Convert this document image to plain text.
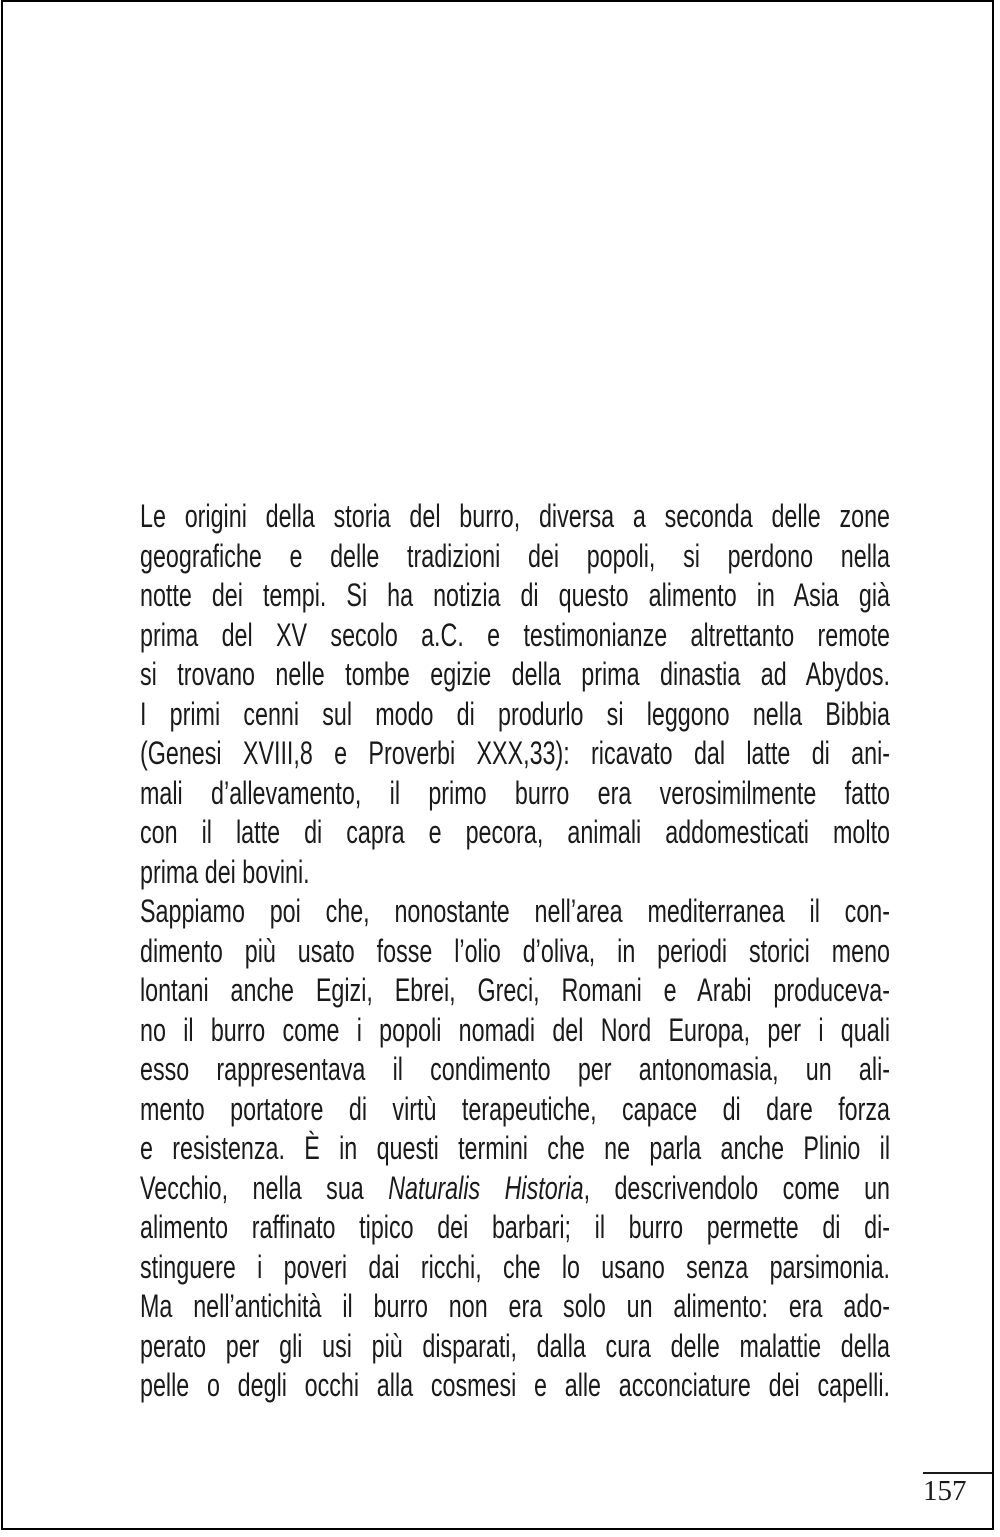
Le origini della storia del burro, diversa a seconda delle zone
geografiche e delle tradizioni dei popoli, si perdono nella
notte dei tempi. Si ha notizia di questo alimento in Asia già
prima del XV secolo a.C. e testimonianze altrettanto remote
si trovano nelle tombe egizie della prima dinastia ad Abydos.
I primi cenni sul modo di produrlo si leggono nella Bibbia
(Genesi XVIII,8 e Proverbi XXX,33): ricavato dal latte di ani-
mali d’allevamento, il primo burro era verosimilmente fatto
con il latte di capra e pecora, animali addomesticati molto
prima dei bovini.
Sappiamo poi che, nonostante nell’area mediterranea il con-
dimento più usato fosse l’olio d’oliva, in periodi storici meno
lontani anche Egizi, Ebrei, Greci, Romani e Arabi produceva-
no il burro come i popoli nomadi del Nord Europa, per i quali
esso rappresentava il condimento per antonomasia, un ali-
mento portatore di virtù terapeutiche, capace di dare forza
e resistenza. È in questi termini che ne parla anche Plinio il
Vecchio, nella sua Naturalis Historia, descrivendolo come un
alimento raffinato tipico dei barbari; il burro permette di di-
stinguere i poveri dai ricchi, che lo usano senza parsimonia.
Ma nell’antichità il burro non era solo un alimento: era ado-
perato per gli usi più disparati, dalla cura delle malattie della
pelle o degli occhi alla cosmesi e alle acconciature dei capelli.
157
